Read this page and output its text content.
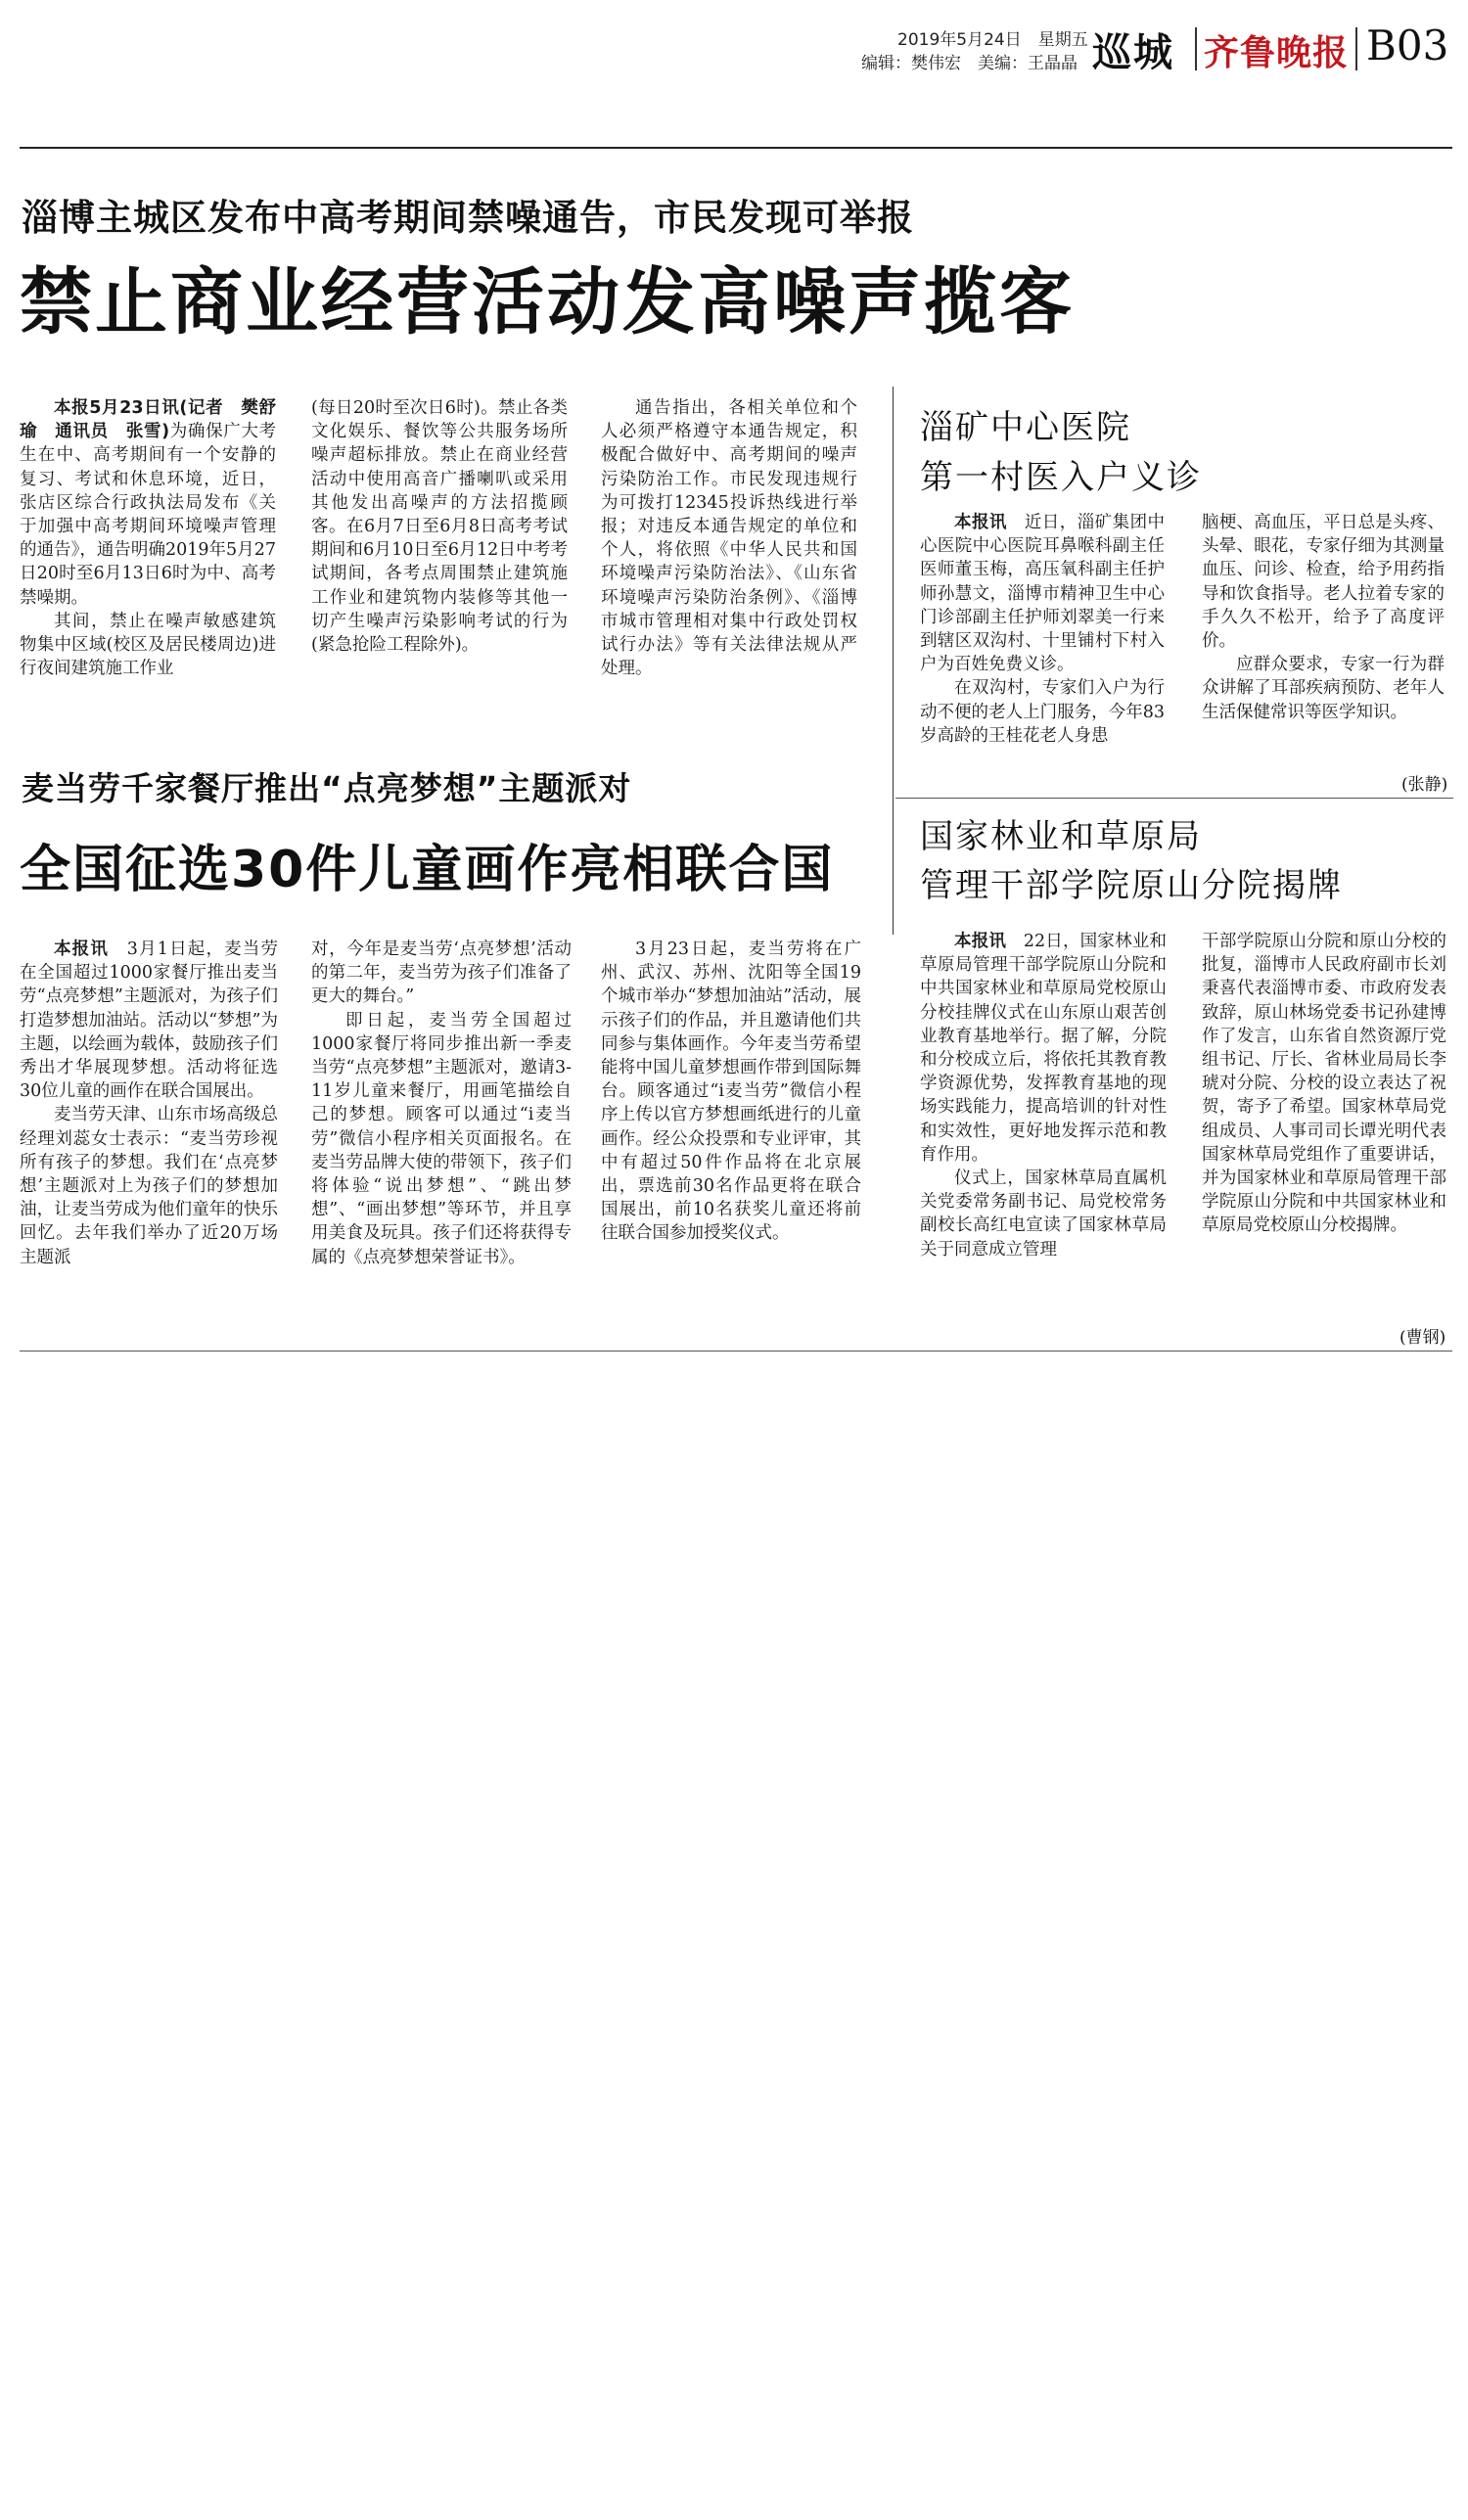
2019年5月24日　星期五
编辑：樊伟宏　美编：王晶晶 巡城 齐鲁晚报 B03
淄博主城区发布中高考期间禁噪通告，市民发现可举报
禁止商业经营活动发高噪声揽客

本报5月23日讯(记者　樊舒瑜　通讯员　张雪)为确保广大考生在中、高考期间有一个安静的复习、考试和休息环境，近日，张店区综合行政执法局发布《关于加强中高考期间环境噪声管理的通告》，通告明确2019年5月27日20时至6月13日6时为中、高考禁噪期。

其间，禁止在噪声敏感建筑物集中区域(校区及居民楼周边)进行夜间建筑施工作业

(每日20时至次日6时)。禁止各类文化娱乐、餐饮等公共服务场所噪声超标排放。禁止在商业经营活动中使用高音广播喇叭或采用其他发出高噪声的方法招揽顾客。在6月7日至6月8日高考考试期间和6月10日至6月12日中考考试期间，各考点周围禁止建筑施工作业和建筑物内装修等其他一切产生噪声污染影响考试的行为(紧急抢险工程除外)。

通告指出，各相关单位和个人必须严格遵守本通告规定，积极配合做好中、高考期间的噪声污染防治工作。市民发现违规行为可拨打12345投诉热线进行举报；对违反本通告规定的单位和个人，将依照《中华人民共和国环境噪声污染防治法》、《山东省环境噪声污染防治条例》、《淄博市城市管理相对集中行政处罚权试行办法》等有关法律法规从严处理。

淄矿中心医院
第一村医入户义诊

本报讯　 近日，淄矿集团中心医院中心医院耳鼻喉科副主任医师董玉梅，高压氧科副主任护师孙慧文，淄博市精神卫生中心门诊部副主任护师刘翠美一行来到辖区双沟村、十里铺村下村入户为百姓免费义诊。

在双沟村，专家们入户为行动不便的老人上门服务，今年83岁高龄的王桂花老人身患

脑梗、高血压，平日总是头疼、头晕、眼花，专家仔细为其测量血压、问诊、检查，给予用药指导和饮食指导。老人拉着专家的手久久不松开，给予了高度评价。

应群众要求，专家一行为群众讲解了耳部疾病预防、老年人生活保健常识等医学知识。

(张静)
麦当劳千家餐厅推出“点亮梦想”主题派对
全国征选30件儿童画作亮相联合国

本报讯　 3月1日起，麦当劳在全国超过1000家餐厅推出麦当劳“点亮梦想”主题派对，为孩子们打造梦想加油站。活动以“梦想”为主题，以绘画为载体，鼓励孩子们秀出才华展现梦想。活动将征选30位儿童的画作在联合国展出。

麦当劳天津、山东市场高级总经理刘蕊女士表示：“麦当劳珍视所有孩子的梦想。我们在‘点亮梦想’主题派对上为孩子们的梦想加油，让麦当劳成为他们童年的快乐回忆。去年我们举办了近20万场主题派

对，今年是麦当劳‘点亮梦想’活动的第二年，麦当劳为孩子们准备了更大的舞台。”

即日起，麦当劳全国超过1000家餐厅将同步推出新一季麦当劳“点亮梦想”主题派对，邀请3-11岁儿童来餐厅，用画笔描绘自己的梦想。顾客可以通过“i麦当劳”微信小程序相关页面报名。在麦当劳品牌大使的带领下，孩子们将体验“说出梦想”、“跳出梦想”、“画出梦想”等环节，并且享用美食及玩具。孩子们还将获得专属的《点亮梦想荣誉证书》。

3月23日起，麦当劳将在广州、武汉、苏州、沈阳等全国19个城市举办“梦想加油站”活动，展示孩子们的作品，并且邀请他们共同参与集体画作。今年麦当劳希望能将中国儿童梦想画作带到国际舞台。顾客通过“i麦当劳”微信小程序上传以官方梦想画纸进行的儿童画作。经公众投票和专业评审，其中有超过50件作品将在北京展出，票选前30名作品更将在联合国展出，前10名获奖儿童还将前往联合国参加授奖仪式。

国家林业和草原局
管理干部学院原山分院揭牌

本报讯　 22日，国家林业和草原局管理干部学院原山分院和中共国家林业和草原局党校原山分校挂牌仪式在山东原山艰苦创业教育基地举行。据了解，分院和分校成立后，将依托其教育教学资源优势，发挥教育基地的现场实践能力，提高培训的针对性和实效性，更好地发挥示范和教育作用。

仪式上，国家林草局直属机关党委常务副书记、局党校常务副校长高红电宣读了国家林草局关于同意成立管理

干部学院原山分院和原山分校的批复，淄博市人民政府副市长刘秉喜代表淄博市委、市政府发表致辞，原山林场党委书记孙建博作了发言，山东省自然资源厅党组书记、厅长、省林业局局长李琥对分院、分校的设立表达了祝贺，寄予了希望。国家林草局党组成员、人事司司长谭光明代表国家林草局党组作了重要讲话，并为国家林业和草原局管理干部学院原山分院和中共国家林业和草原局党校原山分校揭牌。

(曹钢)
